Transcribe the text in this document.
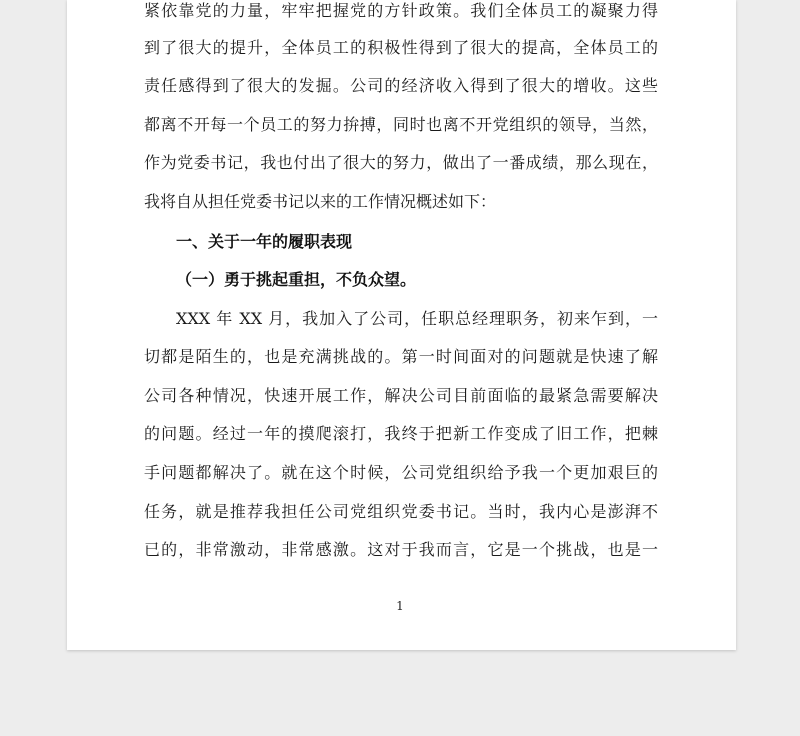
紧依靠党的力量，牢牢把握党的方针政策。我们全体员工的凝聚力得
到了很大的提升，全体员工的积极性得到了很大的提高，全体员工的
责任感得到了很大的发掘。公司的经济收入得到了很大的增收。这些
都离不开每一个员工的努力拚搏，同时也离不开党组织的领导，当然，
作为党委书记，我也付出了很大的努力，做出了一番成绩，那么现在，
我将自从担任党委书记以来的工作情况概述如下：
一、关于一年的履职表现
（一）勇于挑起重担，不负众望。
XXX 年 XX 月，我加入了公司，任职总经理职务，初来乍到，一
切都是陌生的，也是充满挑战的。第一时间面对的问题就是快速了解
公司各种情况，快速开展工作，解决公司目前面临的最紧急需要解决
的问题。经过一年的摸爬滚打，我终于把新工作变成了旧工作，把棘
手问题都解决了。就在这个时候，公司党组织给予我一个更加艰巨的
任务，就是推荐我担任公司党组织党委书记。当时，我内心是澎湃不
已的，非常激动，非常感激。这对于我而言，它是一个挑战，也是一
1
